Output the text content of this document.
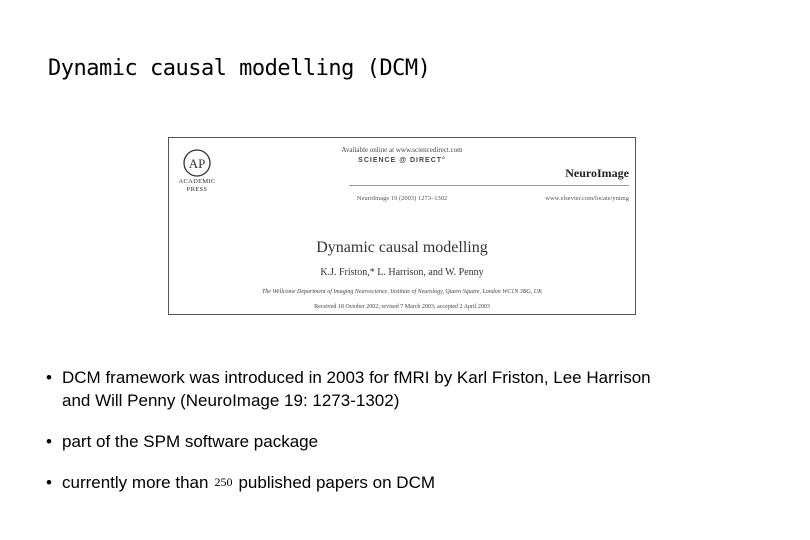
Dynamic causal modelling (DCM)
AP
ACADEMIC
PRESS
Available online at www.sciencedirect.com
SCIENCE @ DIRECT°
NeuroImage
NeuroImage 19 (2003) 1273–1302	www.elsevier.com/locate/ynimg
Dynamic causal modelling
K.J. Friston,* L. Harrison, and W. Penny
The Wellcome Department of Imaging Neuroscience, Institute of Neurology, Queen Square, London WC1N 3BG, UK
Received 18 October 2002; revised 7 March 2003; accepted 2 April 2003
• DCM framework was introduced in 2003 for fMRI by Karl Friston, Lee Harrison
and Will Penny (NeuroImage 19: 1273-1302)
• part of the SPM software package
• currently more than 250 published papers on DCM
